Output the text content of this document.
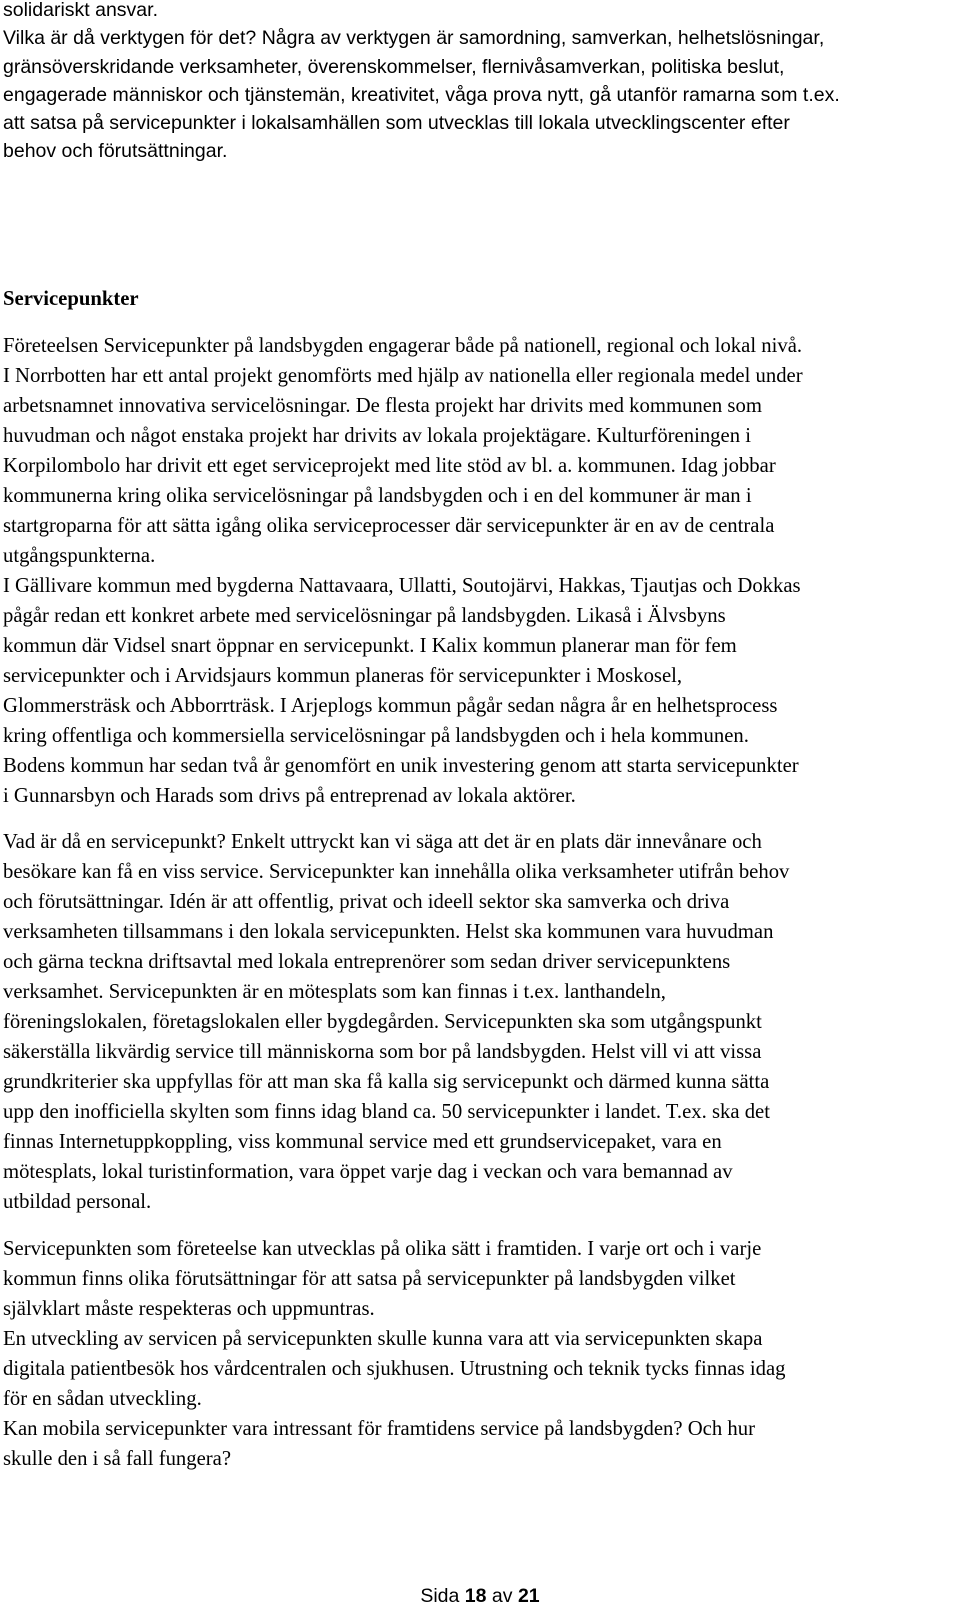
solidariskt ansvar.
Vilka är då verktygen för det? Några av verktygen är samordning, samverkan, helhetslösningar,
gränsöverskridande verksamheter, överenskommelser, flernivåsamverkan, politiska beslut,
engagerade människor och tjänstemän, kreativitet, våga prova nytt, gå utanför ramarna som t.ex.
att satsa på servicepunkter i lokalsamhällen som utvecklas till lokala utvecklingscenter efter
behov och förutsättningar.
Servicepunkter
Företeelsen Servicepunkter på landsbygden engagerar både på nationell, regional och lokal nivå.
I Norrbotten har ett antal projekt genomförts med hjälp av nationella eller regionala medel under
arbetsnamnet innovativa servicelösningar. De flesta projekt har drivits med kommunen som
huvudman och något enstaka projekt har drivits av lokala projektägare. Kulturföreningen i
Korpilombolo har drivit ett eget serviceprojekt med lite stöd av bl. a. kommunen. Idag jobbar
kommunerna kring olika servicelösningar på landsbygden och i en del kommuner är man i
startgroparna för att sätta igång olika serviceprocesser där servicepunkter är en av de centrala
utgångspunkterna.
I Gällivare kommun med bygderna Nattavaara, Ullatti, Soutojärvi, Hakkas, Tjautjas och Dokkas
pågår redan ett konkret arbete med servicelösningar på landsbygden. Likaså i Älvsbyns
kommun där Vidsel snart öppnar en servicepunkt. I Kalix kommun planerar man för fem
servicepunkter och i Arvidsjaurs kommun planeras för servicepunkter i Moskosel,
Glommersträsk och Abborrträsk. I Arjeplogs kommun pågår sedan några år en helhetsprocess
kring offentliga och kommersiella servicelösningar på landsbygden och i hela kommunen.
Bodens kommun har sedan två år genomfört en unik investering genom att starta servicepunkter
i Gunnarsbyn och Harads som drivs på entreprenad av lokala aktörer.
Vad är då en servicepunkt? Enkelt uttryckt kan vi säga att det är en plats där innevånare och
besökare kan få en viss service. Servicepunkter kan innehålla olika verksamheter utifrån behov
och förutsättningar. Idén är att offentlig, privat och ideell sektor ska samverka och driva
verksamheten tillsammans i den lokala servicepunkten. Helst ska kommunen vara huvudman
och gärna teckna driftsavtal med lokala entreprenörer som sedan driver servicepunktens
verksamhet. Servicepunkten är en mötesplats som kan finnas i t.ex. lanthandeln,
föreningslokalen, företagslokalen eller bygdegården. Servicepunkten ska som utgångspunkt
säkerställa likvärdig service till människorna som bor på landsbygden. Helst vill vi att vissa
grundkriterier ska uppfyllas för att man ska få kalla sig servicepunkt och därmed kunna sätta
upp den inofficiella skylten som finns idag bland ca. 50 servicepunkter i landet. T.ex. ska det
finnas Internetuppkoppling, viss kommunal service med ett grundservicepaket, vara en
mötesplats, lokal turistinformation, vara öppet varje dag i veckan och vara bemannad av
utbildad personal.
Servicepunkten som företeelse kan utvecklas på olika sätt i framtiden. I varje ort och i varje
kommun finns olika förutsättningar för att satsa på servicepunkter på landsbygden vilket
självklart måste respekteras och uppmuntras.
En utveckling av servicen på servicepunkten skulle kunna vara att via servicepunkten skapa
digitala patientbesök hos vårdcentralen och sjukhusen. Utrustning och teknik tycks finnas idag
för en sådan utveckling.
Kan mobila servicepunkter vara intressant för framtidens service på landsbygden? Och hur
skulle den i så fall fungera?
Sida 18 av 21
